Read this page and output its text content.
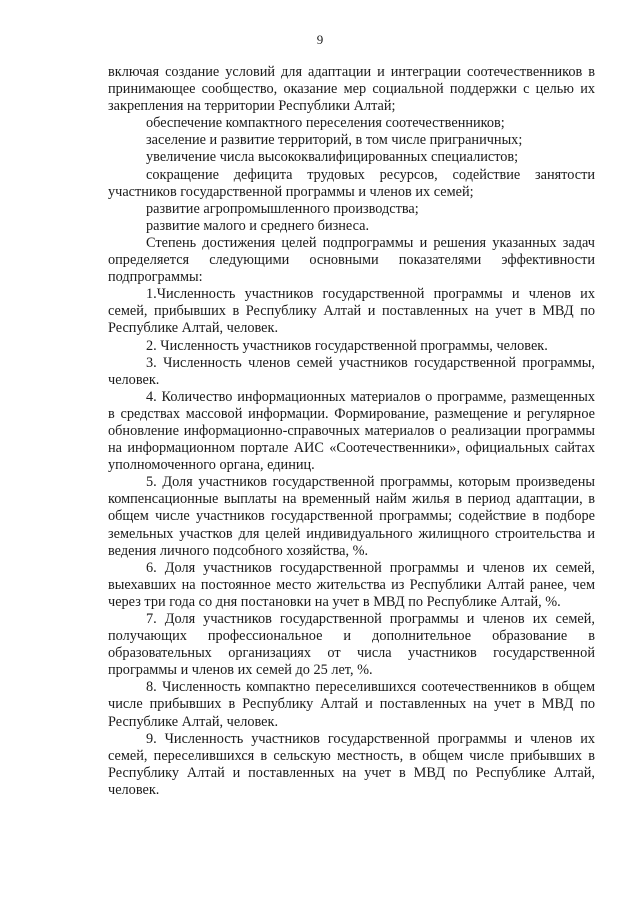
9

включая создание условий для адаптации и интеграции соотечественников в принимающее сообщество, оказание мер социальной поддержки с целью их закрепления на территории Республики Алтай;

обеспечение компактного переселения соотечественников;

заселение и развитие территорий, в том числе приграничных;

увеличение числа высококвалифицированных специалистов;

сокращение дефицита трудовых ресурсов, содействие занятости участников государственной программы и членов их семей;

развитие агропромышленного производства;

развитие малого и среднего бизнеса.

Степень достижения целей подпрограммы и решения указанных задач определяется следующими основными показателями эффективности подпрограммы:

1.Численность участников государственной программы и членов их семей, прибывших в Республику Алтай и поставленных на учет в МВД по Республике Алтай, человек.

2. Численность участников государственной программы, человек.

3. Численность членов семей участников государственной программы, человек.

4. Количество информационных материалов о программе, размещенных в средствах массовой информации. Формирование, размещение и регулярное обновление информационно-справочных материалов о реализации программы на информационном портале АИС «Соотечественники», официальных сайтах уполномоченного органа, единиц.

5. Доля участников государственной программы, которым произведены компенсационные выплаты на временный найм жилья в период адаптации, в общем числе участников государственной программы; содействие в подборе земельных участков для целей индивидуального жилищного строительства и ведения личного подсобного хозяйства, %.

6. Доля участников государственной программы и членов их семей, выехавших на постоянное место жительства из Республики Алтай ранее, чем через три года со дня постановки на учет в МВД по Республике Алтай, %.

7. Доля участников государственной программы и членов их семей, получающих профессиональное и дополнительное образование в образовательных организациях от числа участников государственной программы и членов их семей до 25 лет, %.

8. Численность компактно переселившихся соотечественников в общем числе прибывших в Республику Алтай и поставленных на учет в МВД по Республике Алтай, человек.

9. Численность участников государственной программы и членов их семей, переселившихся в сельскую местность, в общем числе прибывших в Республику Алтай и поставленных на учет в МВД по Республике Алтай, человек.
